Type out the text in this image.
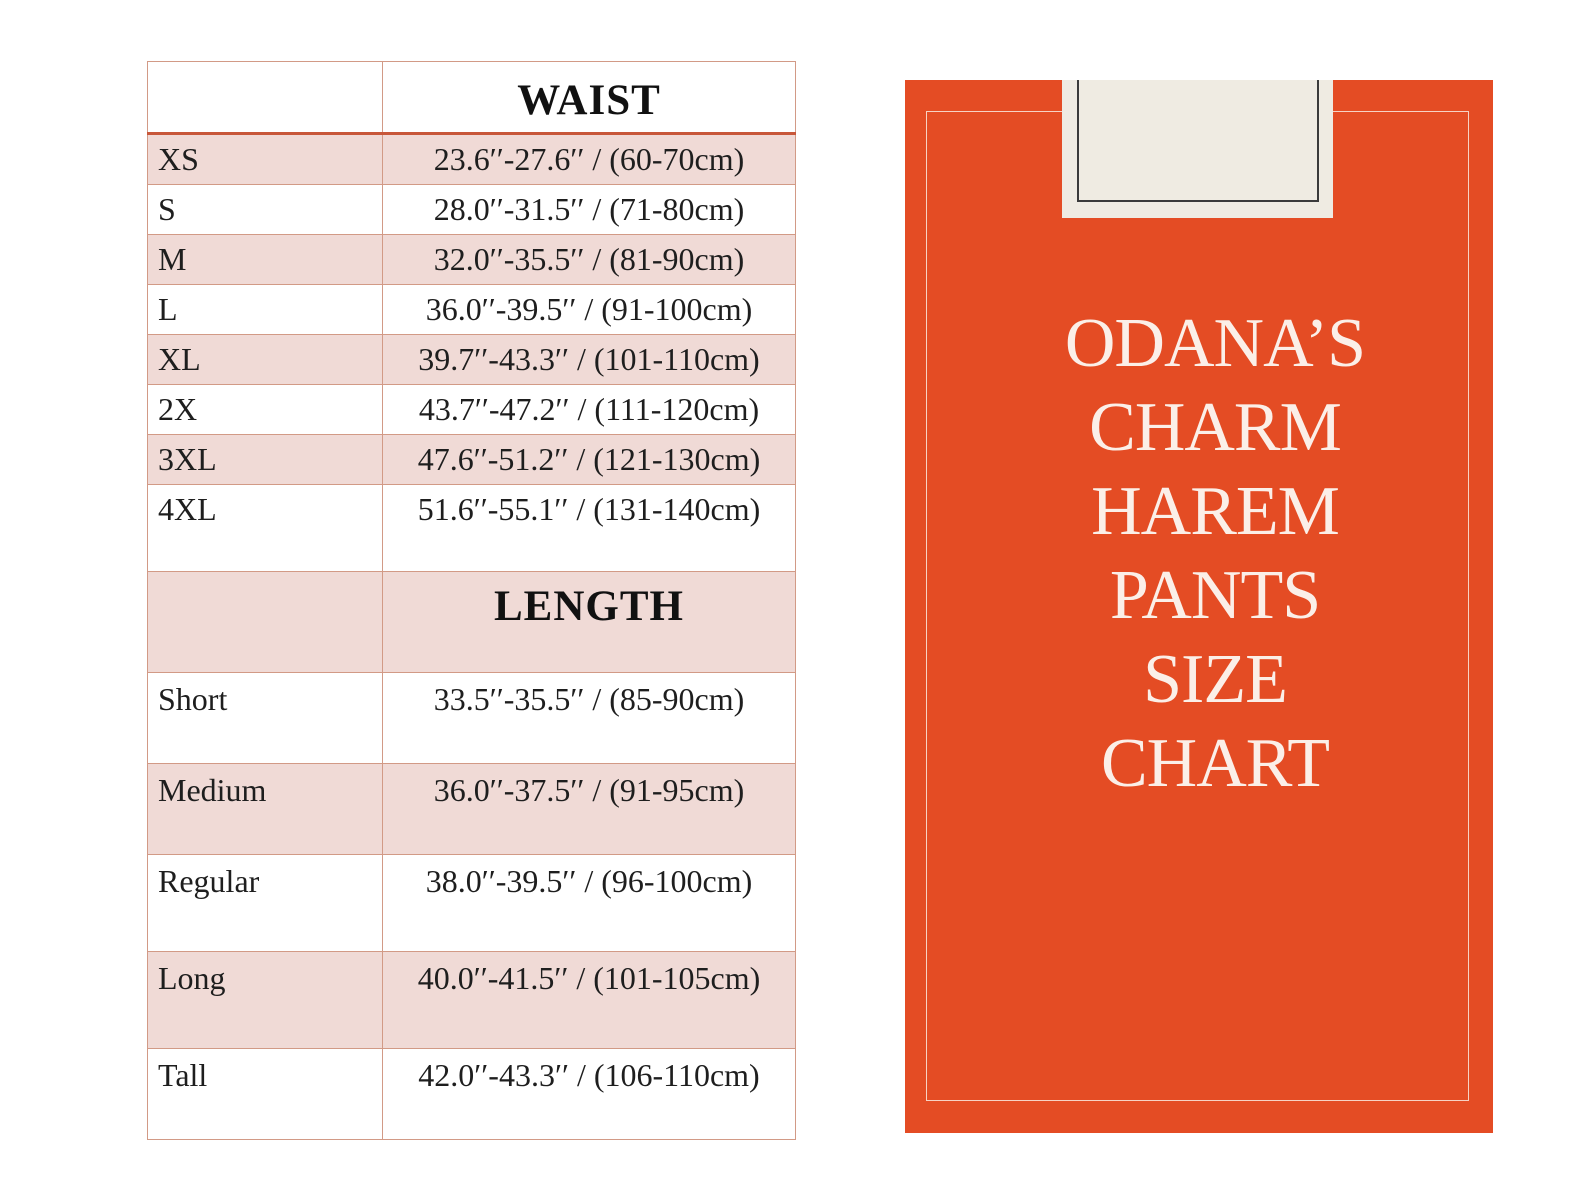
	WAIST
XS	23.6′′-27.6′′ / (60-70cm)
S	28.0′′-31.5′′ / (71-80cm)
M	32.0′′-35.5′′ / (81-90cm)
L	36.0′′-39.5′′ / (91-100cm)
XL	39.7′′-43.3′′ / (101-110cm)
2X	43.7′′-47.2′′ / (111-120cm)
3XL	47.6′′-51.2′′ / (121-130cm)
4XL	51.6′′-55.1′′ / (131-140cm)
	LENGTH
Short	33.5′′-35.5′′ / (85-90cm)
Medium	36.0′′-37.5′′ / (91-95cm)
Regular	38.0′′-39.5′′ / (96-100cm)
Long	40.0′′-41.5′′ / (101-105cm)
Tall	42.0′′-43.3′′ / (106-110cm)
ODANA’S
CHARM
HAREM
PANTS
SIZE
CHART
